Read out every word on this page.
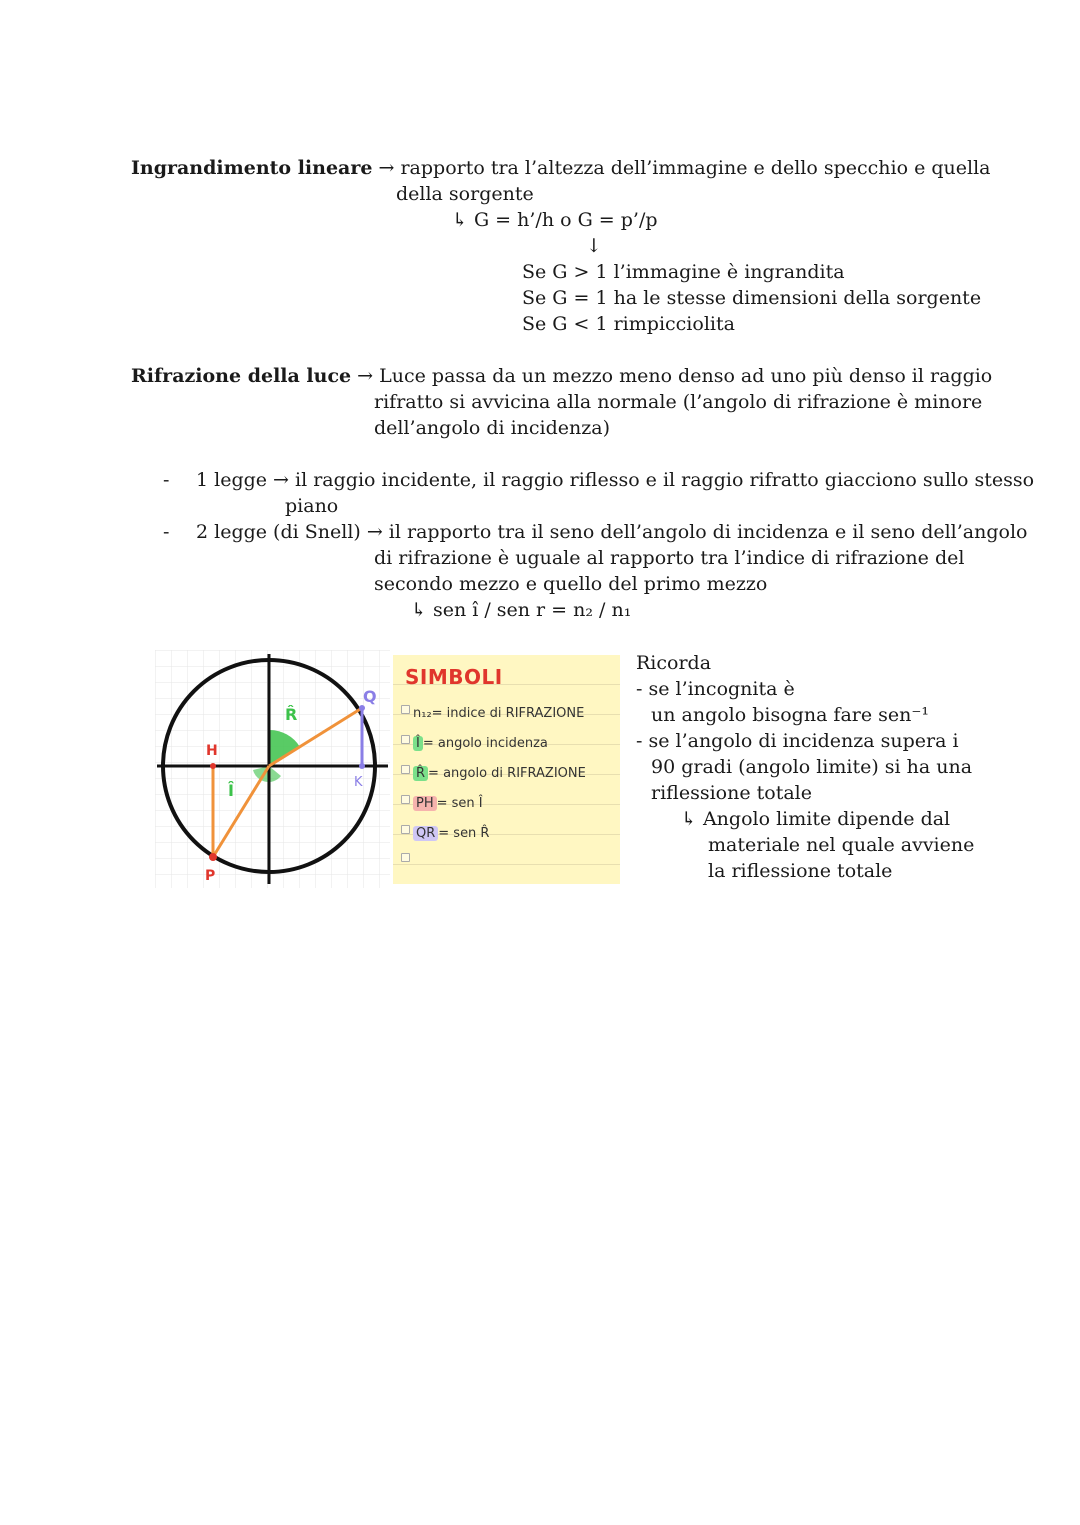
Ingrandimento lineare → rapporto tra l’altezza dell’immagine e dello specchio e quella
della sorgente
↳ G = h’/h o G = p’/p
↓
Se G > 1 l’immagine è ingrandita
Se G = 1 ha le stesse dimensioni della sorgente
Se G < 1 rimpicciolita
Rifrazione della luce → Luce passa da un mezzo meno denso ad uno più denso il raggio
rifratto si avvicina alla normale (l’angolo di rifrazione è minore
dell’angolo di incidenza)
- 1 legge → il raggio incidente, il raggio riflesso e il raggio rifratto giacciono sullo stesso
piano
- 2 legge (di Snell) → il rapporto tra il seno dell’angolo di incidenza e il seno dell’angolo
di rifrazione è uguale al rapporto tra l’indice di rifrazione del
secondo mezzo e quello del primo mezzo
↳ sen î / sen r = n₂ / n₁
H
P
Q
K
R̂
Î
SIMBOLI
n₁₂= indice di RIFRAZIONE
Î = angolo incidenza
R̂ = angolo di RIFRAZIONE
PH = sen Î
QR = sen R̂
Ricorda
- se l’incognita è
un angolo bisogna fare sen⁻¹
- se l’angolo di incidenza supera i
90 gradi (angolo limite) si ha una
riflessione totale
↳ Angolo limite dipende dal
materiale nel quale avviene
la riflessione totale
